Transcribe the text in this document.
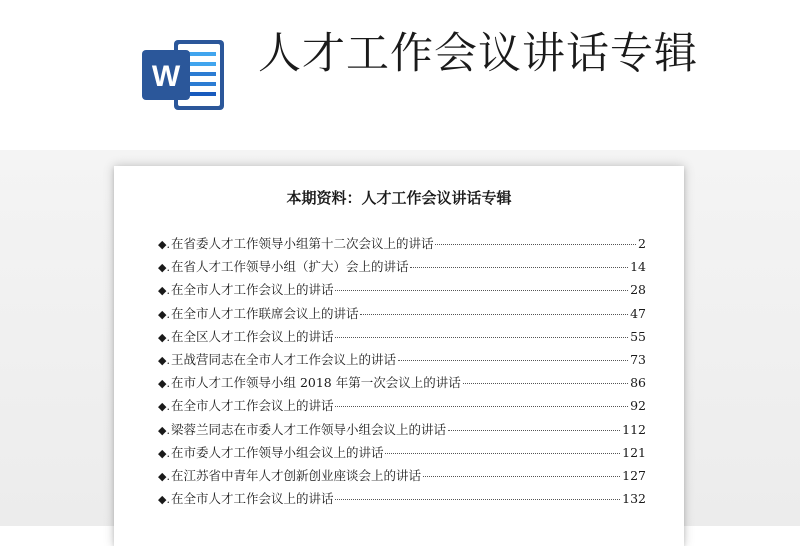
W 人才工作会议讲话专辑
本期资料：人才工作会议讲话专辑
◆. 在省委人才工作领导小组第十二次会议上的讲话	2
◆. 在省人才工作领导小组（扩大）会上的讲话	14
◆. 在全市人才工作会议上的讲话	28
◆. 在全市人才工作联席会议上的讲话	47
◆. 在全区人才工作会议上的讲话	55
◆. 王战营同志在全市人才工作会议上的讲话	73
◆. 在市人才工作领导小组 2018 年第一次会议上的讲话	86
◆. 在全市人才工作会议上的讲话	92
◆. 梁蓉兰同志在市委人才工作领导小组会议上的讲话	112
◆. 在市委人才工作领导小组会议上的讲话	121
◆. 在江苏省中青年人才创新创业座谈会上的讲话	127
◆. 在全市人才工作会议上的讲话	132
